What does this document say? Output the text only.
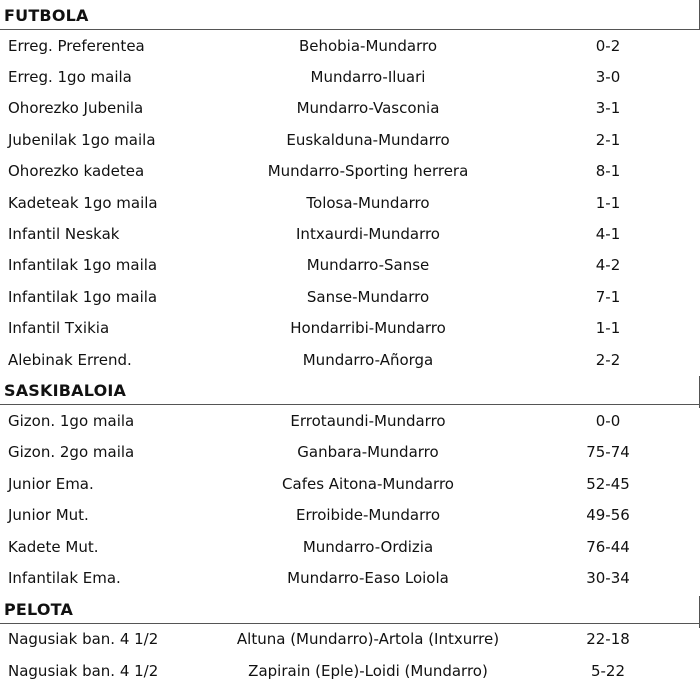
FUTBOLA
Erreg. Preferentea	Behobia-Mundarro	0-2
Erreg. 1go maila	Mundarro-Iluari	3-0
Ohorezko Jubenila	Mundarro-Vasconia	3-1
Jubenilak 1go maila	Euskalduna-Mundarro	2-1
Ohorezko kadetea	Mundarro-Sporting herrera	8-1
Kadeteak 1go maila	Tolosa-Mundarro	1-1
Infantil Neskak	Intxaurdi-Mundarro	4-1
Infantilak 1go maila	Mundarro-Sanse	4-2
Infantilak 1go maila	Sanse-Mundarro	7-1
Infantil Txikia	Hondarribi-Mundarro	1-1
Alebinak Errend.	Mundarro-Añorga	2-2
SASKIBALOIA
Gizon. 1go maila	Errotaundi-Mundarro	0-0
Gizon. 2go maila	Ganbara-Mundarro	75-74
Junior Ema.	Cafes Aitona-Mundarro	52-45
Junior Mut.	Erroibide-Mundarro	49-56
Kadete Mut.	Mundarro-Ordizia	76-44
Infantilak Ema.	Mundarro-Easo Loiola	30-34
PELOTA
Nagusiak ban. 4 1/2	Altuna (Mundarro)-Artola (Intxurre)	22-18
Nagusiak ban. 4 1/2	Zapirain (Eple)-Loidi (Mundarro)	5-22
